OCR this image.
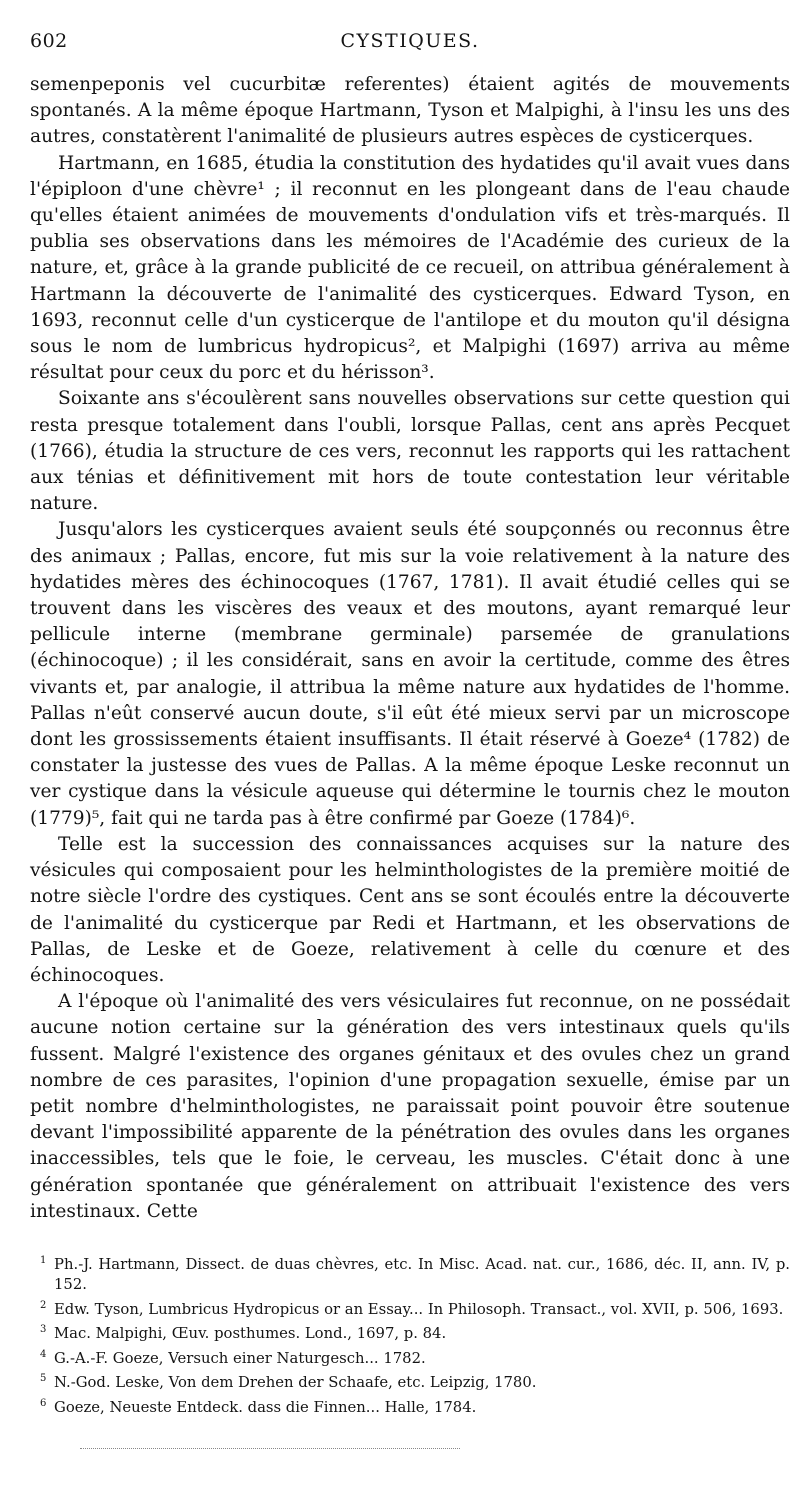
602	CYSTIQUES.

semenpeponis vel cucurbitæ referentes) étaient agités de mouvements spontanés. A la même époque Hartmann, Tyson et Malpighi, à l'insu les uns des autres, constatèrent l'animalité de plusieurs autres espèces de cysticerques.

Hartmann, en 1685, étudia la constitution des hydatides qu'il avait vues dans l'épiploon d'une chèvre¹ ; il reconnut en les plongeant dans de l'eau chaude qu'elles étaient animées de mouvements d'ondulation vifs et très-marqués. Il publia ses observations dans les mémoires de l'Académie des curieux de la nature, et, grâce à la grande publicité de ce recueil, on attribua généralement à Hartmann la découverte de l'animalité des cysticerques. Edward Tyson, en 1693, reconnut celle d'un cysticerque de l'antilope et du mouton qu'il désigna sous le nom de lumbricus hydropicus², et Malpighi (1697) arriva au même résultat pour ceux du porc et du hérisson³.

Soixante ans s'écoulèrent sans nouvelles observations sur cette question qui resta presque totalement dans l'oubli, lorsque Pallas, cent ans après Pecquet (1766), étudia la structure de ces vers, reconnut les rapports qui les rattachent aux ténias et définitivement mit hors de toute contestation leur véritable nature.

Jusqu'alors les cysticerques avaient seuls été soupçonnés ou reconnus être des animaux ; Pallas, encore, fut mis sur la voie relativement à la nature des hydatides mères des échinocoques (1767, 1781). Il avait étudié celles qui se trouvent dans les viscères des veaux et des moutons, ayant remarqué leur pellicule interne (membrane germinale) parsemée de granulations (échinocoque) ; il les considérait, sans en avoir la certitude, comme des êtres vivants et, par analogie, il attribua la même nature aux hydatides de l'homme. Pallas n'eût conservé aucun doute, s'il eût été mieux servi par un microscope dont les grossissements étaient insuffisants. Il était réservé à Goeze⁴ (1782) de constater la justesse des vues de Pallas. A la même époque Leske reconnut un ver cystique dans la vésicule aqueuse qui détermine le tournis chez le mouton (1779)⁵, fait qui ne tarda pas à être confirmé par Goeze (1784)⁶.

Telle est la succession des connaissances acquises sur la nature des vésicules qui composaient pour les helminthologistes de la première moitié de notre siècle l'ordre des cystiques. Cent ans se sont écoulés entre la découverte de l'animalité du cysticerque par Redi et Hartmann, et les observations de Pallas, de Leske et de Goeze, relativement à celle du cœnure et des échinocoques.

A l'époque où l'animalité des vers vésiculaires fut reconnue, on ne possédait aucune notion certaine sur la génération des vers intestinaux quels qu'ils fussent. Malgré l'existence des organes génitaux et des ovules chez un grand nombre de ces parasites, l'opinion d'une propagation sexuelle, émise par un petit nombre d'helminthologistes, ne paraissait point pouvoir être soutenue devant l'impossibilité apparente de la pénétration des ovules dans les organes inaccessibles, tels que le foie, le cerveau, les muscles. C'était donc à une génération spontanée que généralement on attribuait l'existence des vers intestinaux. Cette

1 Ph.-J. Hartmann, Dissect. de duas chèvres, etc. In Misc. Acad. nat. cur., 1686, déc. II, ann. IV, p. 152.
2 Edw. Tyson, Lumbricus Hydropicus or an Essay... In Philosoph. Transact., vol. XVII, p. 506, 1693.
3 Mac. Malpighi, Œuv. posthumes. Lond., 1697, p. 84.
4 G.-A.-F. Goeze, Versuch einer Naturgesch... 1782.
5 N.-God. Leske, Von dem Drehen der Schaafe, etc. Leipzig, 1780.
6 Goeze, Neueste Entdeck. dass die Finnen... Halle, 1784.
